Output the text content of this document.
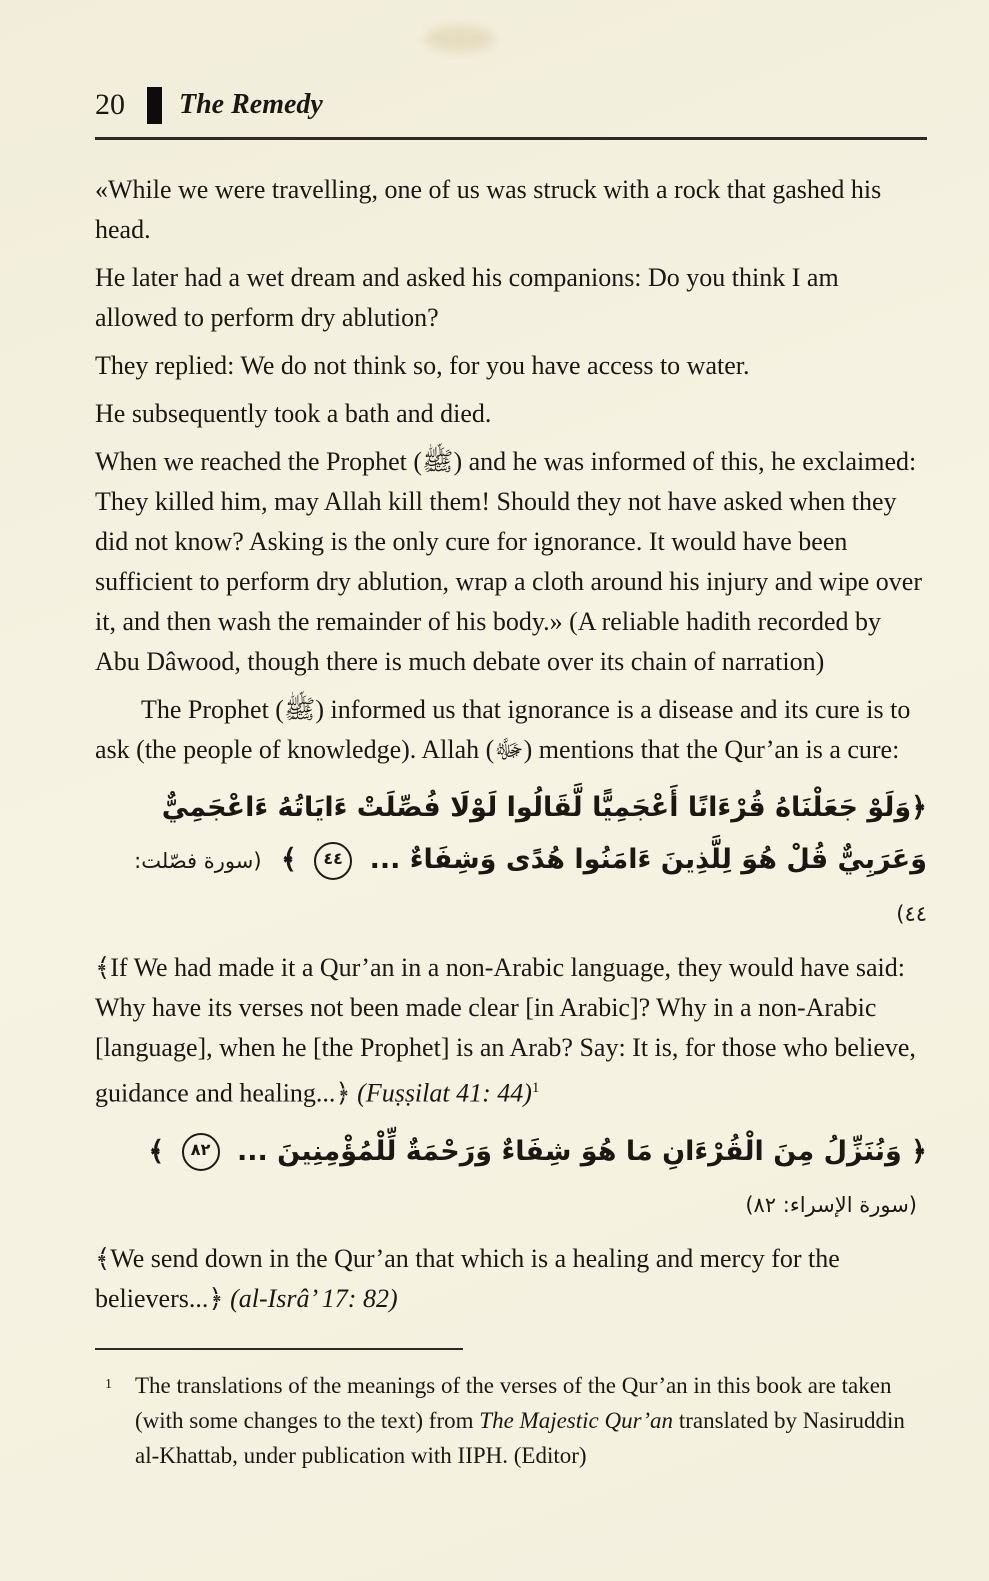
20 The Remedy

«While we were travelling, one of us was struck with a rock that gashed his head.

He later had a wet dream and asked his companions: Do you think I am allowed to perform dry ablution?

They replied: We do not think so, for you have access to water.

He subsequently took a bath and died.

When we reached the Prophet (ﷺ) and he was informed of this, he exclaimed: They killed him, may Allah kill them! Should they not have asked when they did not know? Asking is the only cure for ignorance. It would have been sufficient to perform dry ablution, wrap a cloth around his injury and wipe over it, and then wash the remainder of his body.» (A reliable hadith recorded by Abu Dâwood, though there is much debate over its chain of narration)

The Prophet (ﷺ) informed us that ignorance is a disease and its cure is to ask (the people of knowledge). Allah (ﷻ) mentions that the Qur’an is a cure:

﴿وَلَوْ جَعَلْنَاهُ قُرْءَانًا أَعْجَمِيًّا لَّقَالُوا لَوْلَا فُصِّلَتْ ءَايَاتُهُ ءَاعْجَمِيٌّ وَعَرَبِيٌّ قُلْ هُوَ لِلَّذِينَ ءَامَنُوا هُدًى وَشِفَاءٌ ... ٤٤ ﴾ (سورة فصّلت: ٤٤)

﴾If We had made it a Qur’an in a non-Arabic language, they would have said: Why have its verses not been made clear [in Arabic]? Why in a non-Arabic [language], when he [the Prophet] is an Arab? Say: It is, for those who believe, guidance and healing...﴿ (Fuṣṣilat 41: 44)$^1$

﴿ وَنُنَزِّلُ مِنَ الْقُرْءَانِ مَا هُوَ شِفَاءٌ وَرَحْمَةٌ لِّلْمُؤْمِنِينَ ... ٨٢ ﴾ (سورة الإسراء: ٨٢)

﴾We send down in the Qur’an that which is a healing and mercy for the believers...﴿ (al-Isrâ’ 17: 82)

1 The translations of the meanings of the verses of the Qur’an in this book are taken (with some changes to the text) from The Majestic Qur’an translated by Nasiruddin al-Khattab, under publication with IIPH. (Editor)
